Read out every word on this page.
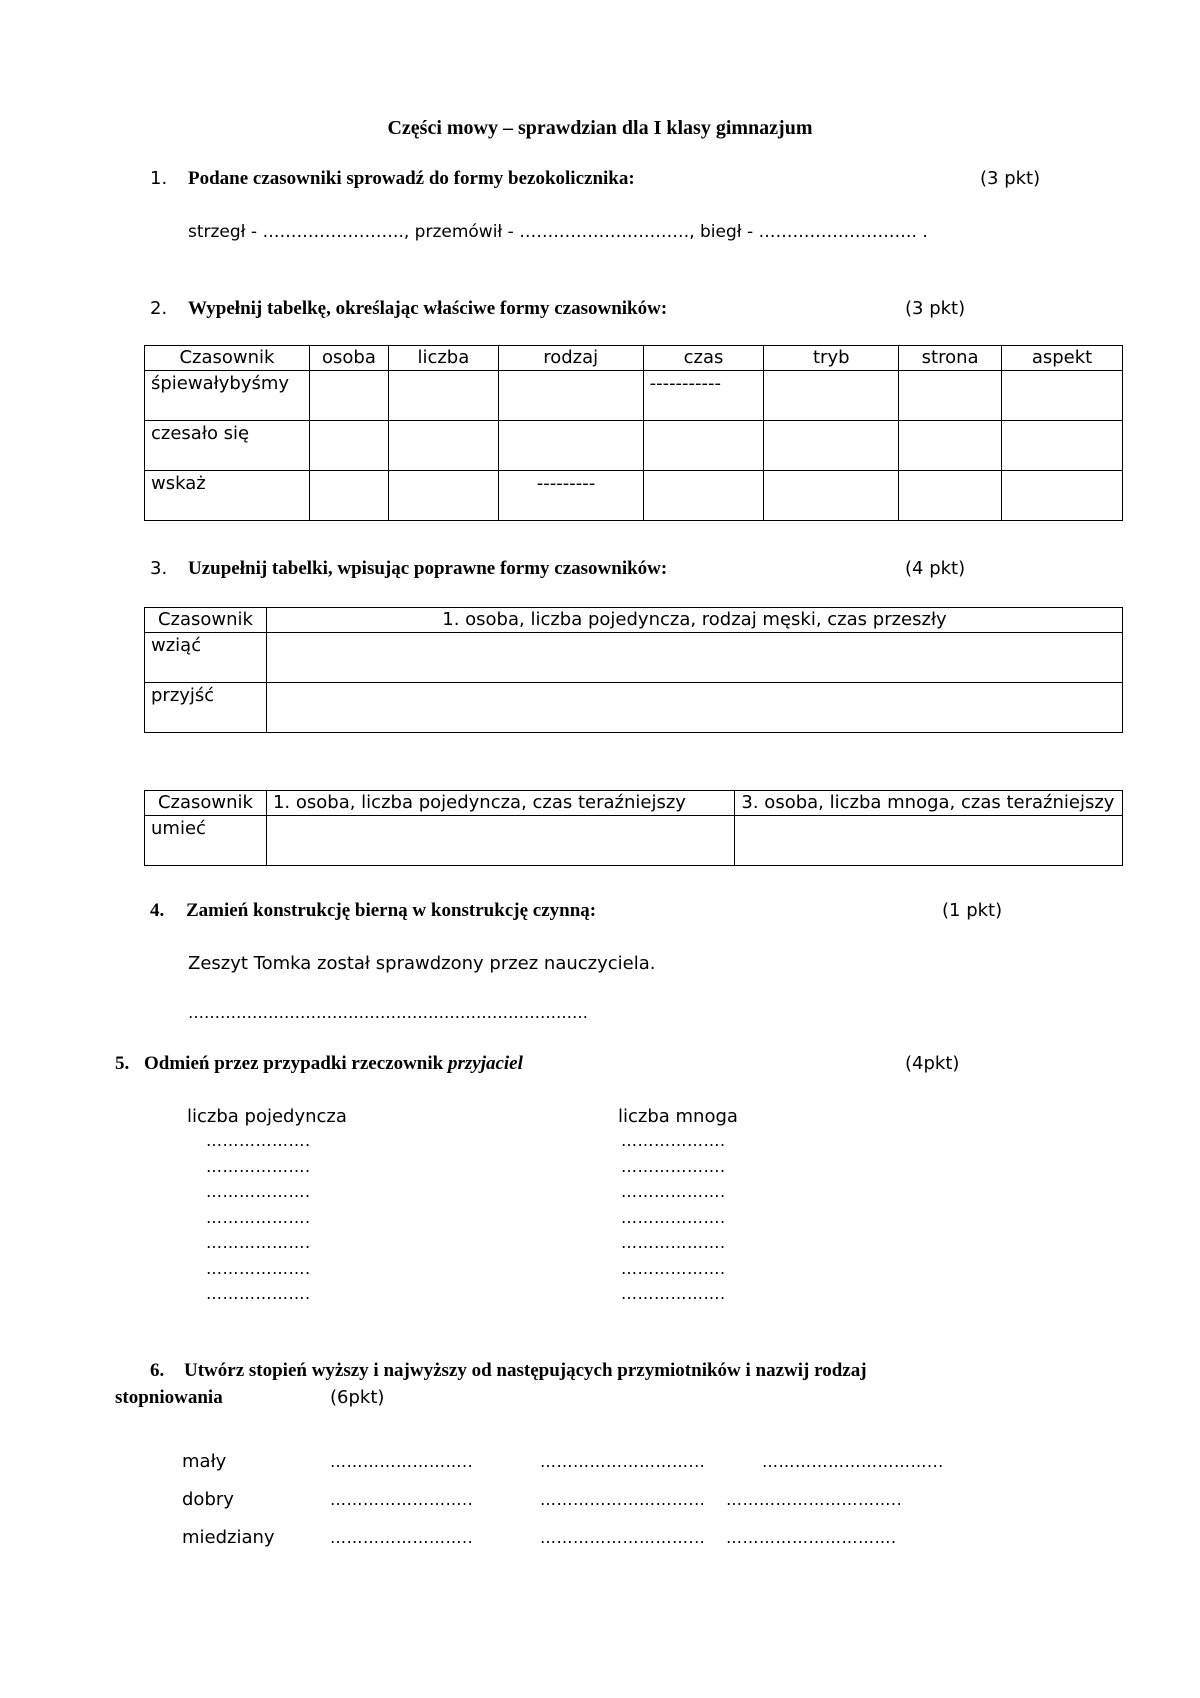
Części mowy – sprawdzian dla I klasy gimnazjum
1. Podane czasowniki sprowadź do formy bezokolicznika:	(3 pkt)
strzegł - ……………………., przemówił - …………………………, biegł - ………………………. .
2. Wypełnij tabelkę, określając właściwe formy czasowników:	(3 pkt)
Czasownik	osoba	liczba	rodzaj	czas	tryb	strona	aspekt
śpiewałybyśmy				-----------			
czesało się							
wskaż			---------				
3. Uzupełnij tabelki, wpisując poprawne formy czasowników:	(4 pkt)
Czasownik	1. osoba, liczba pojedyncza, rodzaj męski, czas przeszły
wziąć	
przyjść	
Czasownik	1. osoba, liczba pojedyncza, czas teraźniejszy	3. osoba, liczba mnoga, czas teraźniejszy
umieć		
4. Zamień konstrukcję bierną w konstrukcję czynną:	(1 pkt)
Zeszyt Tomka został sprawdzony przez nauczyciela.
…………………………………………………………………
5. Odmień przez przypadki rzeczownik przyjaciel	(4pkt)
liczba pojedyncza	liczba mnoga
……………….
……………….
……………….
……………….
……………….
……………….
……………….
……………….
……………….
……………….
……………….
……………….
……………….
……………….
6. Utwórz stopień wyższy i najwyższy od następujących przymiotników i nazwij rodzaj
stopniowania	(6pkt)
mały	……………………..	………………………...	…………………………...
dobry	……………………..	………………………... …………………………..
miedziany	……………………..	………………………... ………………………….
